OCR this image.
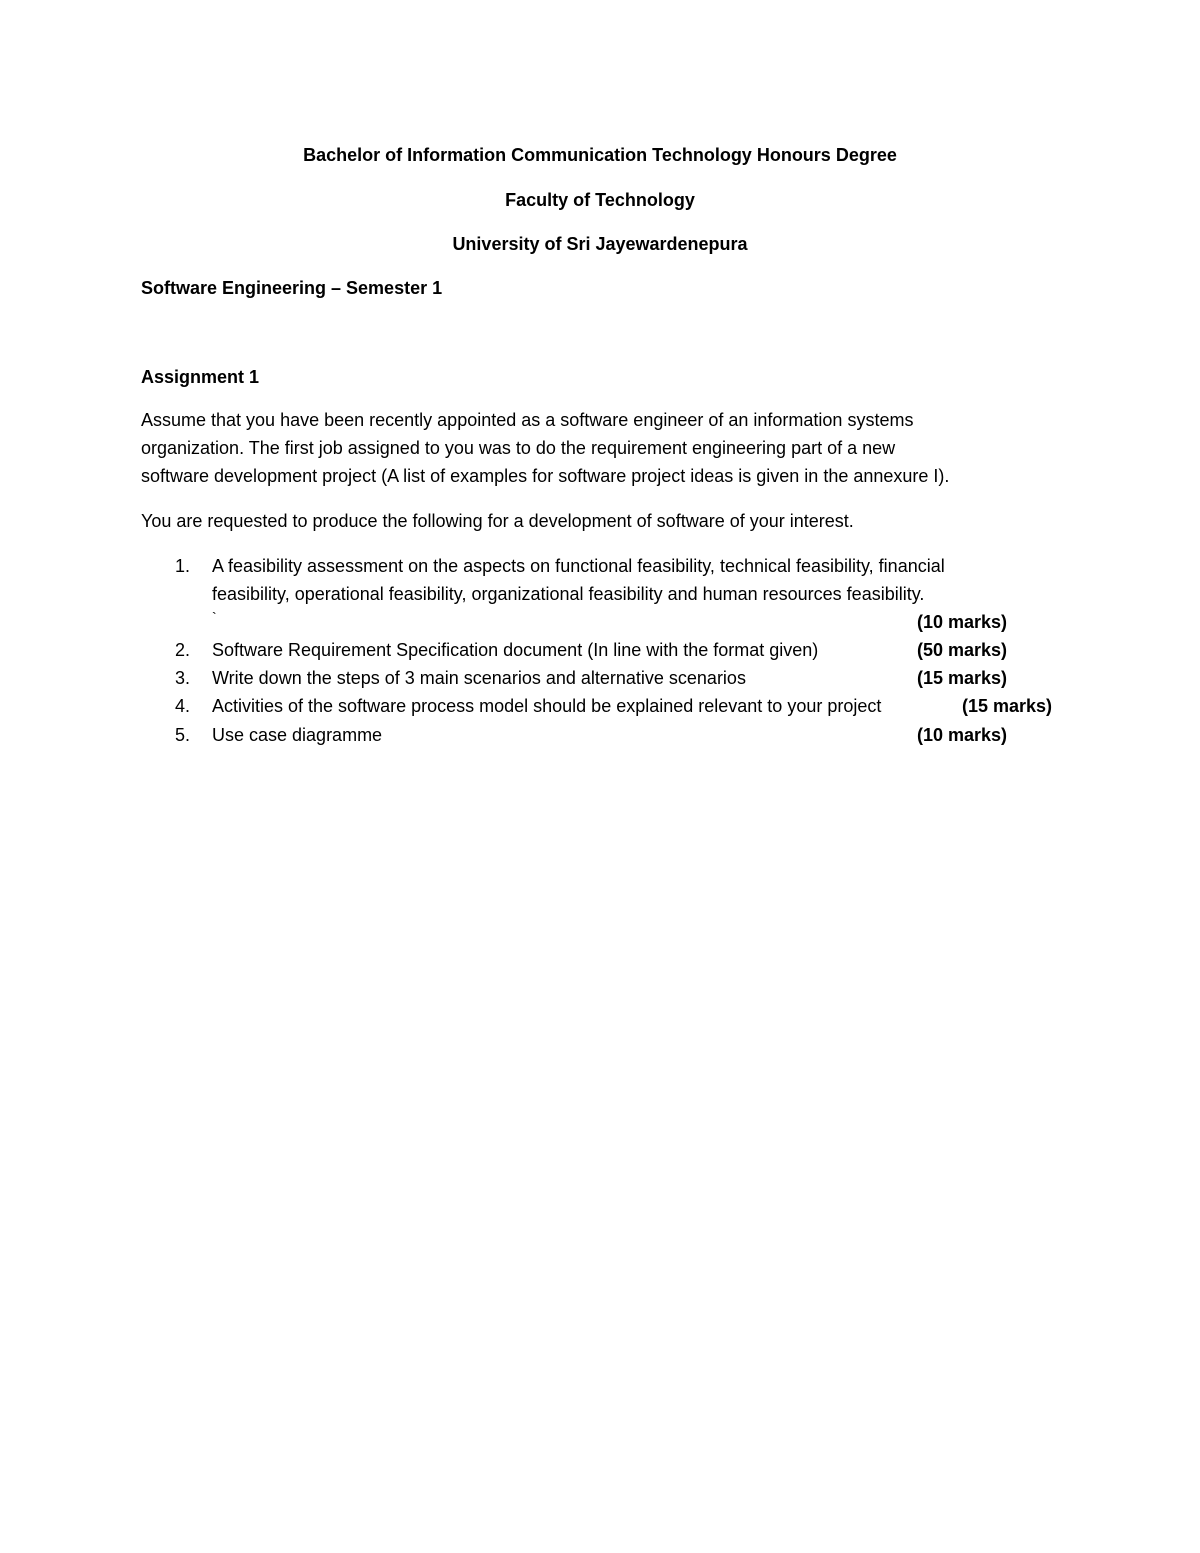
Bachelor of Information Communication Technology Honours Degree
Faculty of Technology
University of Sri Jayewardenepura
Software Engineering – Semester 1
Assignment 1
Assume that you have been recently appointed as a software engineer of an information systems
organization. The first job assigned to you was to do the requirement engineering part of a new
software development project (A list of examples for software project ideas is given in the annexure I).
You are requested to produce the following for a development of software of your interest.
1. A feasibility assessment on the aspects on functional feasibility, technical feasibility, financial
feasibility, operational feasibility, organizational feasibility and human resources feasibility.
`	(10 marks)
2. Software Requirement Specification document (In line with the format given)	(50 marks)
3. Write down the steps of 3 main scenarios and alternative scenarios	(15 marks)
4. Activities of the software process model should be explained relevant to your project	(15 marks)
5. Use case diagramme	(10 marks)
